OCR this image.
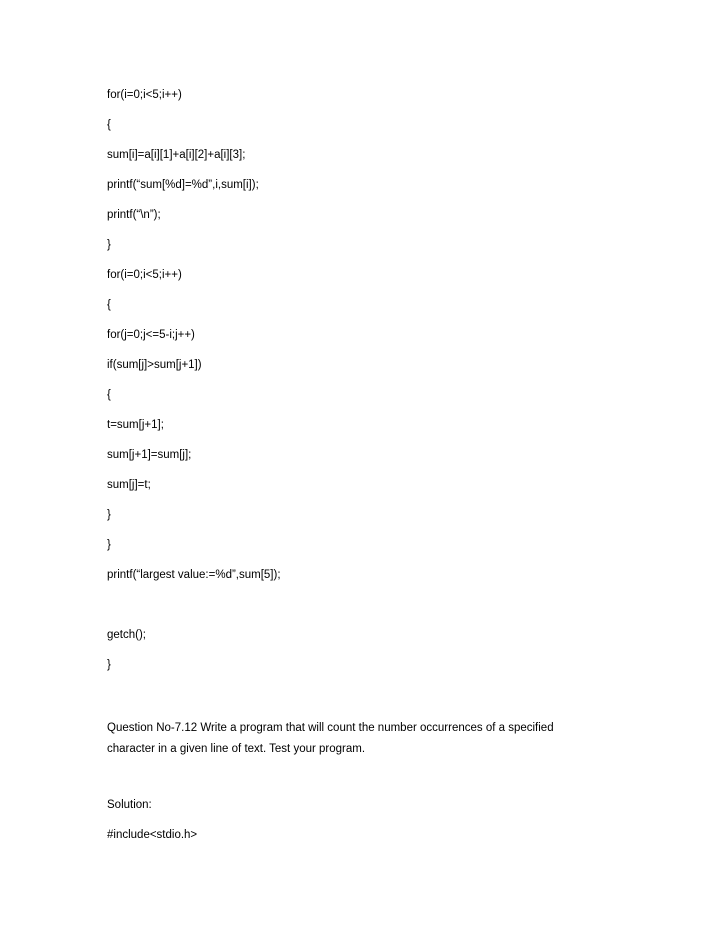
for(i=0;i<5;i++)
{
sum[i]=a[i][1]+a[i][2]+a[i][3];
printf(“sum[%d]=%d”,i,sum[i]);
printf(“\n”);
}
for(i=0;i<5;i++)
{
for(j=0;j<=5-i;j++)
if(sum[j]>sum[j+1])
{
t=sum[j+1];
sum[j+1]=sum[j];
sum[j]=t;
}
}
printf(“largest value:=%d”,sum[5]);
getch();
}
Question No-7.12 Write a program that will count the number occurrences of a specified
character in a given line of text. Test your program.
Solution:
#include<stdio.h>
